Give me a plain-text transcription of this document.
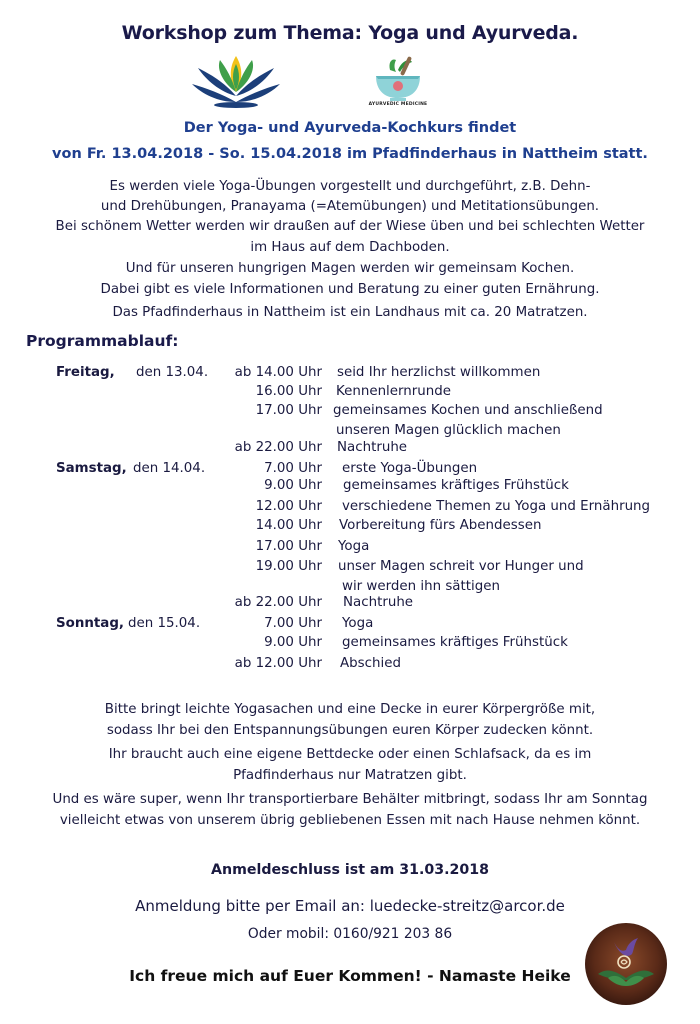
Workshop zum Thema: Yoga und Ayurveda.
AYURVEDIC MEDICINE
Der Yoga- und Ayurveda-Kochkurs findet
von Fr. 13.04.2018 - So. 15.04.2018 im Pfadfinderhaus in Nattheim statt.
Es werden viele Yoga-Übungen vorgestellt und durchgeführt, z.B. Dehn-
und Drehübungen, Pranayama (=Atemübungen) und Metitationsübungen.
Bei schönem Wetter werden wir draußen auf der Wiese üben und bei schlechten Wetter
im Haus auf dem Dachboden.
Und für unseren hungrigen Magen werden wir gemeinsam Kochen.
Dabei gibt es viele Informationen und Beratung zu einer guten Ernährung.
Das Pfadfinderhaus in Nattheim ist ein Landhaus mit ca. 20 Matratzen.
Programmablauf:
Freitag, den 13.04.
Samstag, den 14.04.
Sonntag, den 15.04.
ab 14.00 Uhr
16.00 Uhr
17.00 Uhr
ab 22.00 Uhr
7.00 Uhr
9.00 Uhr
12.00 Uhr
14.00 Uhr
17.00 Uhr
19.00 Uhr
ab 22.00 Uhr
7.00 Uhr
9.00 Uhr
ab 12.00 Uhr
seid Ihr herzlichst willkommen
Kennenlernrunde
gemeinsames Kochen und anschließend
unseren Magen glücklich machen
Nachtruhe
erste Yoga-Übungen
gemeinsames kräftiges Frühstück
verschiedene Themen zu Yoga und Ernährung
Vorbereitung fürs Abendessen
Yoga
unser Magen schreit vor Hunger und
wir werden ihn sättigen
Nachtruhe
Yoga
gemeinsames kräftiges Frühstück
Abschied
Bitte bringt leichte Yogasachen und eine Decke in eurer Körpergröße mit,
sodass Ihr bei den Entspannungsübungen euren Körper zudecken könnt.
Ihr braucht auch eine eigene Bettdecke oder einen Schlafsack, da es im
Pfadfinderhaus nur Matratzen gibt.
Und es wäre super, wenn Ihr transportierbare Behälter mitbringt, sodass Ihr am Sonntag
vielleicht etwas von unserem übrig gebliebenen Essen mit nach Hause nehmen könnt.
Anmeldeschluss ist am 31.03.2018
Anmeldung bitte per Email an: luedecke-streitz@arcor.de
Oder mobil: 0160/921 203 86
Ich freue mich auf Euer Kommen! - Namaste Heike
